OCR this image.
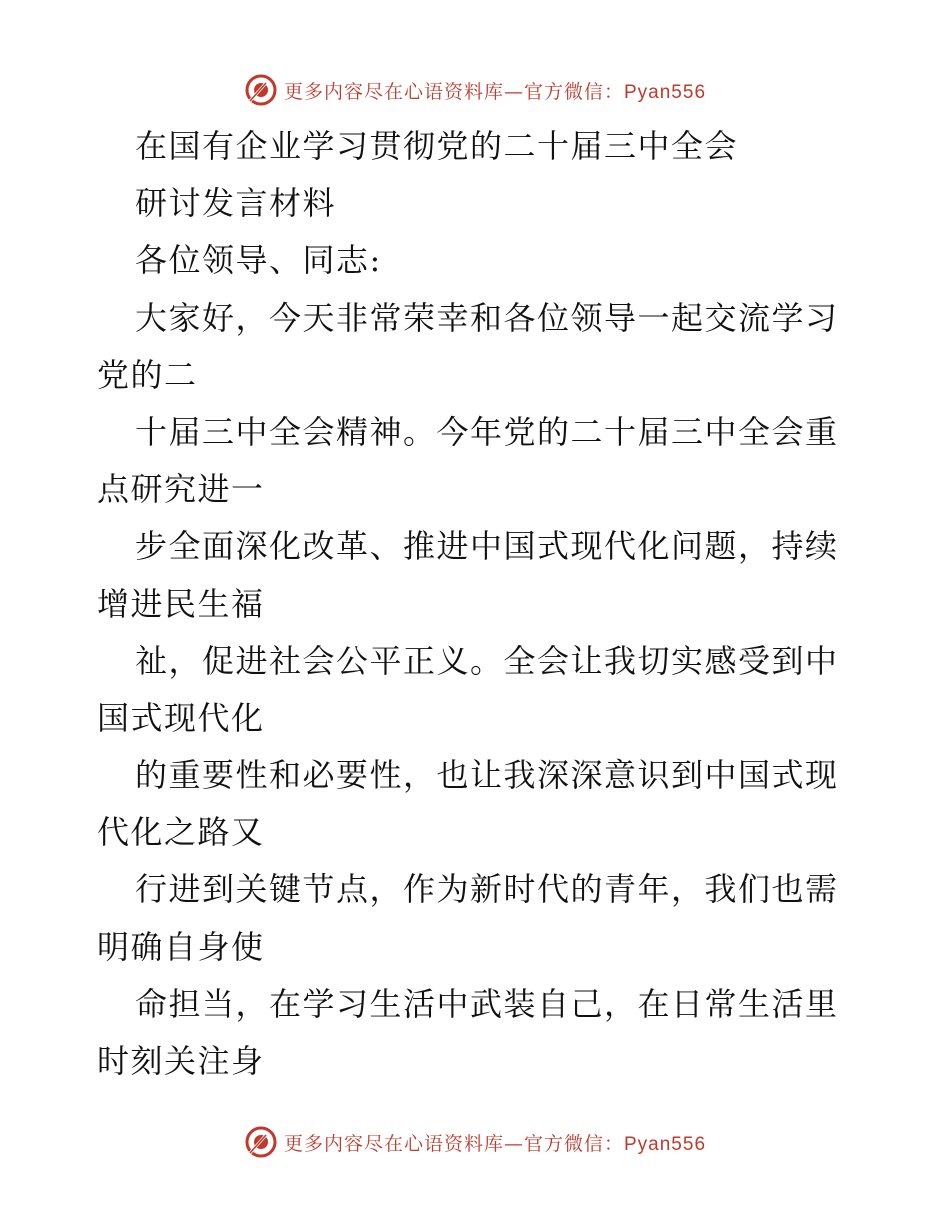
更多内容尽在心语资料库—官方微信：Pyan556
在国有企业学习贯彻党的二十届三中全会
研讨发言材料
各位领导、同志:
大家好，今天非常荣幸和各位领导一起交流学习
党的二
十届三中全会精神。今年党的二十届三中全会重
点研究进一
步全面深化改革、推进中国式现代化问题，持续
增进民生福
祉，促进社会公平正义。全会让我切实感受到中
国式现代化
的重要性和必要性，也让我深深意识到中国式现
代化之路又
行进到关键节点，作为新时代的青年，我们也需
明确自身使
命担当，在学习生活中武装自己，在日常生活里
时刻关注身
更多内容尽在心语资料库—官方微信：Pyan556
